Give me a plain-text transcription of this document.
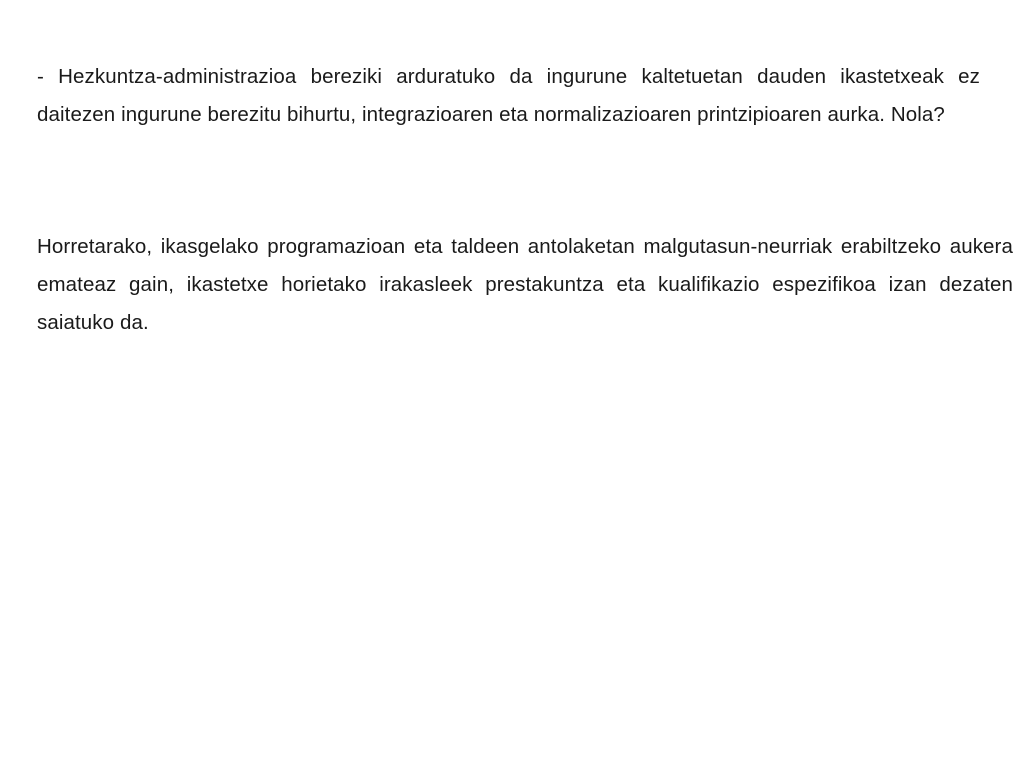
- Hezkuntza-administrazioa bereziki arduratuko da ingurune kaltetuetan dauden ikastetxeak ez daitezen ingurune berezitu bihurtu, integrazioaren eta normalizazioaren printzipioaren aurka. Nola?

Horretarako, ikasgelako programazioan eta taldeen antolaketan malgutasun-neurriak erabiltzeko aukera emateaz gain, ikastetxe horietako irakasleek prestakuntza eta kualifikazio espezifikoa izan dezaten saiatuko da.
